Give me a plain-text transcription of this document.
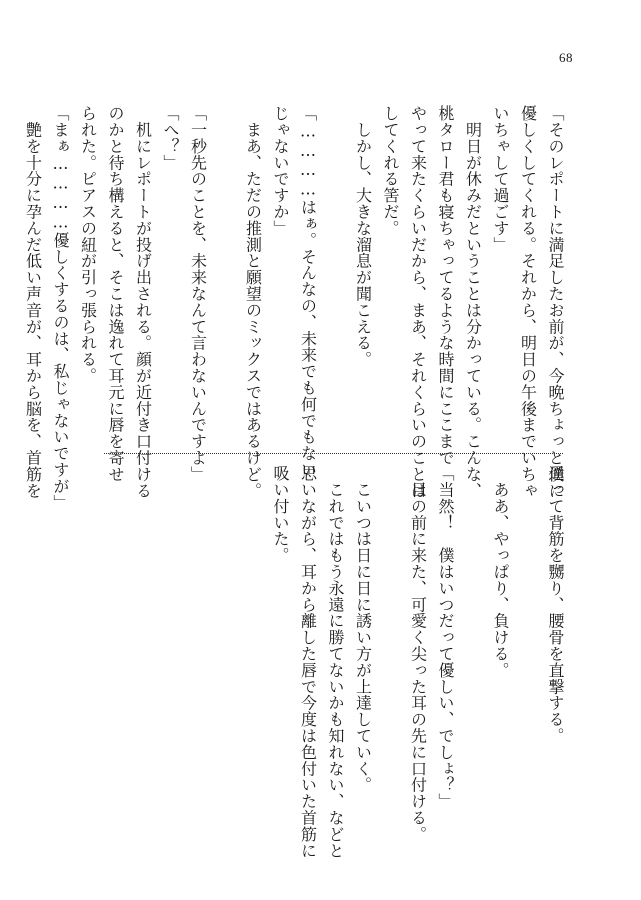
68
「そのレポートに満足したお前が、今晩ちょっと僕に
優しくしてくれる。それから、明日の午後までいちゃ
いちゃして過ごす」
　明日が休みだということは分かっている。こんな、
桃タロー君も寝ちゃってるような時間にここまで
やって来たくらいだから、まあ、それくらいのことは
してくれる筈だ。
　しかし、大きな溜息が聞こえる。
「…………はぁ。そんなの、未来でも何でもない
じゃないですか」
　まあ、ただの推測と願望のミックスではあるけど。
「一秒先のことを、未来なんて言わないんですよ」
「へ？」
　机にレポートが投げ出される。顔が近付き口付ける
のかと待ち構えると、そこは逸れて耳元に唇を寄せ
られた。ピアスの紐が引っ張られる。
「まぁ…………優しくするのは、私じゃないですが」
　艶を十分に孕んだ低い声音が、耳から脳を、首筋を
通って背筋を嬲り、腰骨を直撃する。
　ああ、やっぱり、負ける。
「当然！　僕はいつだって優しい、でしょ？」
　目の前に来た、可愛く尖った耳の先に口付ける。
　こいつは日に日に誘い方が上達していく。
　これではもう永遠に勝てないかも知れない、などと
思いながら、耳から離した唇で今度は色付いた首筋に
吸い付いた。
